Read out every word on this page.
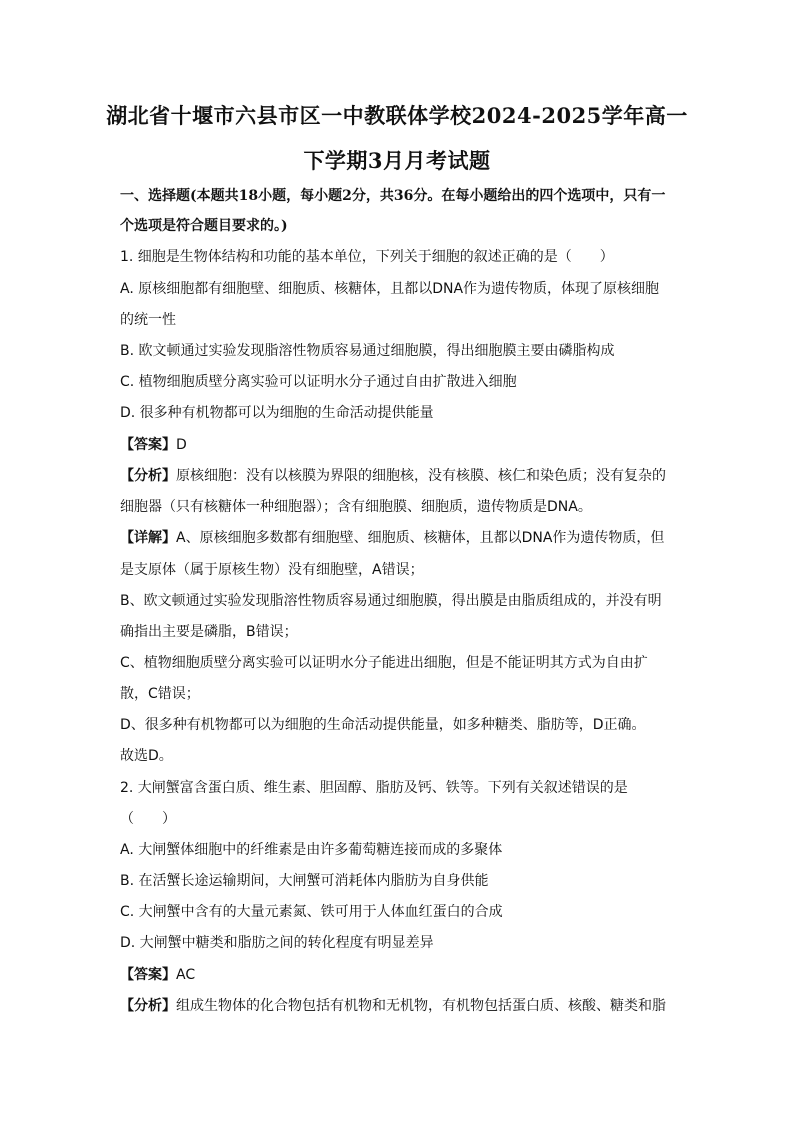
湖北省十堰市六县市区一中教联体学校2024-2025学年高一
下学期3月月考试题
一、选择题(本题共18小题，每小题2分，共36分。在每小题给出的四个选项中，只有一
个选项是符合题目要求的。)
1. 细胞是生物体结构和功能的基本单位，下列关于细胞的叙述正确的是（　　）
A. 原核细胞都有细胞壁、细胞质、核糖体，且都以DNA作为遗传物质，体现了原核细胞
的统一性
B. 欧文顿通过实验发现脂溶性物质容易通过细胞膜，得出细胞膜主要由磷脂构成
C. 植物细胞质壁分离实验可以证明水分子通过自由扩散进入细胞
D. 很多种有机物都可以为细胞的生命活动提供能量
【答案】D
【分析】原核细胞：没有以核膜为界限的细胞核，没有核膜、核仁和染色质；没有复杂的
细胞器（只有核糖体一种细胞器）；含有细胞膜、细胞质，遗传物质是DNA。
【详解】A、原核细胞多数都有细胞壁、细胞质、核糖体，且都以DNA作为遗传物质，但
是支原体（属于原核生物）没有细胞壁，A错误；
B、欧文顿通过实验发现脂溶性物质容易通过细胞膜，得出膜是由脂质组成的，并没有明
确指出主要是磷脂，B错误；
C、植物细胞质壁分离实验可以证明水分子能进出细胞，但是不能证明其方式为自由扩
散，C错误；
D、很多种有机物都可以为细胞的生命活动提供能量，如多种糖类、脂肪等，D正确。
故选D。
2. 大闸蟹富含蛋白质、维生素、胆固醇、脂肪及钙、铁等。下列有关叙述错误的是
（　　）
A. 大闸蟹体细胞中的纤维素是由许多葡萄糖连接而成的多聚体
B. 在活蟹长途运输期间，大闸蟹可消耗体内脂肪为自身供能
C. 大闸蟹中含有的大量元素氮、铁可用于人体血红蛋白的合成
D. 大闸蟹中糖类和脂肪之间的转化程度有明显差异
【答案】AC
【分析】组成生物体的化合物包括有机物和无机物，有机物包括蛋白质、核酸、糖类和脂
